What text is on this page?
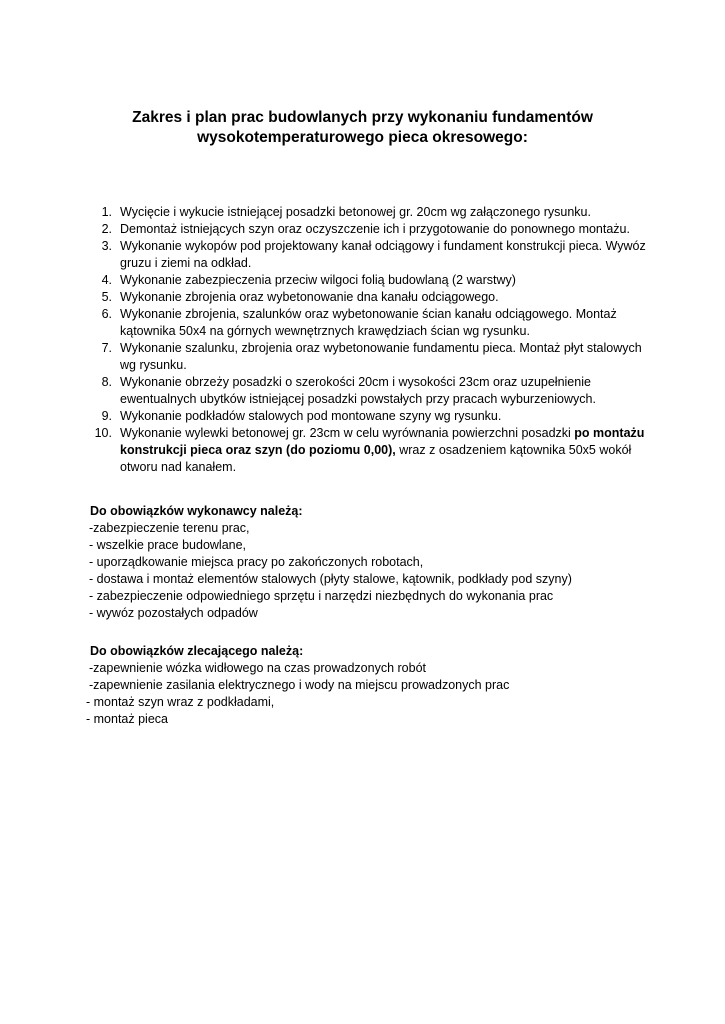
Zakres i plan prac budowlanych przy wykonaniu fundamentów
wysokotemperaturowego pieca okresowego:
1. Wycięcie i wykucie istniejącej posadzki betonowej gr. 20cm wg załączonego rysunku.
2. Demontaż istniejących szyn oraz oczyszczenie ich i przygotowanie do ponownego montażu.
3. Wykonanie wykopów pod projektowany kanał odciągowy i fundament konstrukcji pieca. Wywóz gruzu i ziemi na odkład.
4. Wykonanie zabezpieczenia przeciw wilgoci folią budowlaną (2 warstwy)
5. Wykonanie zbrojenia oraz wybetonowanie dna kanału odciągowego.
6. Wykonanie zbrojenia, szalunków oraz wybetonowanie ścian kanału odciągowego. Montaż kątownika 50x4 na górnych wewnętrznych krawędziach ścian wg rysunku.
7. Wykonanie szalunku, zbrojenia oraz wybetonowanie fundamentu pieca. Montaż płyt stalowych wg rysunku.
8. Wykonanie obrzeży posadzki o szerokości 20cm i wysokości 23cm oraz uzupełnienie ewentualnych ubytków istniejącej posadzki powstałych przy pracach wyburzeniowych.
9. Wykonanie podkładów stalowych pod montowane szyny wg rysunku.
10. Wykonanie wylewki betonowej gr. 23cm w celu wyrównania powierzchni posadzki po montażu konstrukcji pieca oraz szyn (do poziomu 0,00), wraz z osadzeniem kątownika 50x5 wokół otworu nad kanałem.
Do obowiązków wykonawcy należą:
-zabezpieczenie terenu prac,
- wszelkie prace budowlane,
- uporządkowanie miejsca pracy po zakończonych robotach,
- dostawa i montaż elementów stalowych (płyty stalowe, kątownik, podkłady pod szyny)
- zabezpieczenie odpowiedniego sprzętu i narzędzi niezbędnych do wykonania prac
- wywóz pozostałych odpadów
Do obowiązków zlecającego należą:
-zapewnienie wózka widłowego na czas prowadzonych robót
-zapewnienie zasilania elektrycznego i wody na miejscu prowadzonych prac
- montaż szyn wraz z podkładami,
- montaż pieca
